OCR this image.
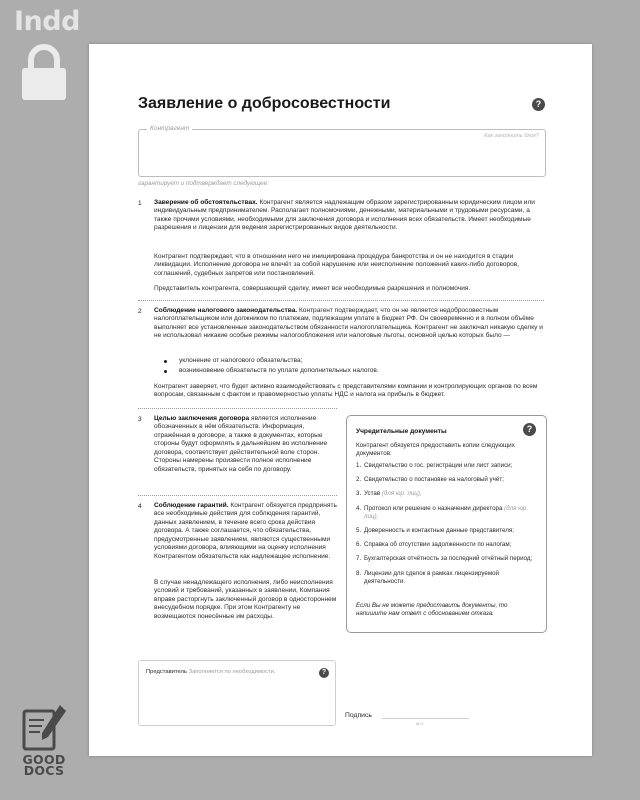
Indd
GOOD
DOCS
Заявление о добросовестности	?
Контрагент
Как заполнить блок?
гарантирует и подтверждает следующее:
1 Заверение об обстоятельствах. Контрагент является надлежащим образом зарегистрированным юридическим лицом или индивидуальным предпринимателем. Располагает полномочиями, денежными, материальными и трудовыми ресурсами, а также прочими условиями, необходимыми для заключения договора и исполнения всех обязательств. Имеет необходимые разрешения и лицензии для ведения зарегистрированных видов деятельности.

Контрагент подтверждает, что в отношении него не инициирована процедура банкротства и он не находится в стадии ликвидации. Исполнение договора не влечёт за собой нарушение или неисполнение положений каких-либо договоров, соглашений, судебных запретов или постановлений.

Представитель контрагента, совершающий сделку, имеет все необходимые разрешения и полномочия.

2 Соблюдение налогового законодательства. Контрагент подтверждает, что он не является недобросовестным налогоплательщиком или должником по платежам, подлежащим уплате в бюджет РФ. Он своевременно и в полном объёме выполняет все установленные законодательством обязанности налогоплательщика. Контрагент не заключал никакую сделку и не использовал никакие особые режимы налогообложения или налоговые льготы, основной целью которых было —

уклонение от налогового обязательства;

возникновение обязательств по уплате дополнительных налогов.

Контрагент заверяет, что будет активно взаимодействовать с представителями компании и контролирующих органов по всем вопросам, связанным с фактом и правомерностью уплаты НДС и налога на прибыль в бюджет.

3 Целью заключения договора является исполнение обозначенных в нём обязательств. Информация, отражённая в договоре, а также в документах, которые стороны будут оформлять в дальнейшем во исполнение договора, соответствует действительной воле сторон. Стороны намерены произвести полное исполнение обязательств, принятых на себя по договору.

4 Соблюдение гарантий. Контрагент обязуется предпринять все необходимые действия для соблюдения гарантий, данных заявлением, в течение всего срока действия договора. А также соглашается, что обязательства, предусмотренные заявлением, являются существенными условиями договора, влияющими на оценку исполнения Контрагентом обязательств как надлежащее исполнение.

В случае ненадлежащего исполнения, либо неисполнения условий и требований, указанных в заявлении, Компания вправе расторгнуть заключенный договор в одностороннем внесудебном порядке. При этом Контрагенту не возмещаются понесённые им расходы.

Учредительные документы	?

Контрагент обязуется предоставить копии следующих документов:

1. Свидетельство о гос. регистрации или лист записи;
2. Свидетельство о постановке на налоговый учёт;
3. Устав (для юр. лиц);
4. Протокол или решение о назначении директора (для юр. лиц);
5. Доверенность и контактные данные представителя;
6. Справка об отсутствии задолженности по налогам;
7. Бухгалтерская отчётность за последний отчётный период;
8. Лицензии для сделок в рамках лицензируемой деятельности.

Если Вы не можете предоставить документы, то напишите нам ответ с обоснованием отказа.

Представитель Заполняется по необходимости.	?
Подпись
м.п.
